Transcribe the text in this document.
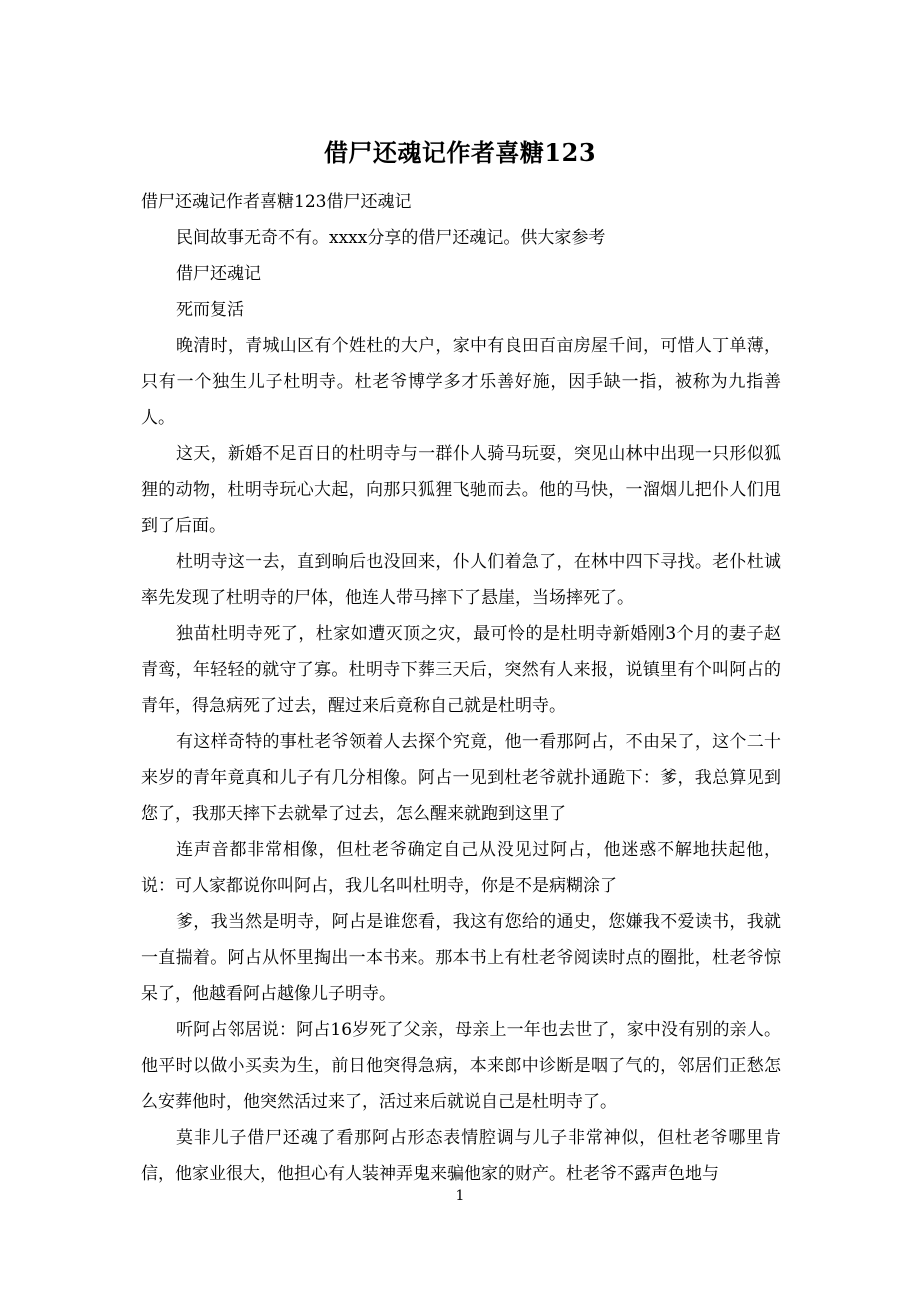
借尸还魂记作者喜糖123

借尸还魂记作者喜糖123借尸还魂记

民间故事无奇不有。xxxx分享的借尸还魂记。供大家参考

借尸还魂记

死而复活

晚清时，青城山区有个姓杜的大户，家中有良田百亩房屋千间，可惜人丁单薄，只有一个独生儿子杜明寺。杜老爷博学多才乐善好施，因手缺一指，被称为九指善人。

这天，新婚不足百日的杜明寺与一群仆人骑马玩耍，突见山林中出现一只形似狐狸的动物，杜明寺玩心大起，向那只狐狸飞驰而去。他的马快，一溜烟儿把仆人们甩到了后面。

杜明寺这一去，直到晌后也没回来，仆人们着急了，在林中四下寻找。老仆杜诚率先发现了杜明寺的尸体，他连人带马摔下了悬崖，当场摔死了。

独苗杜明寺死了，杜家如遭灭顶之灾，最可怜的是杜明寺新婚刚3个月的妻子赵青鸾，年轻轻的就守了寡。杜明寺下葬三天后，突然有人来报，说镇里有个叫阿占的青年，得急病死了过去，醒过来后竟称自己就是杜明寺。

有这样奇特的事杜老爷领着人去探个究竟，他一看那阿占，不由呆了，这个二十来岁的青年竟真和儿子有几分相像。阿占一见到杜老爷就扑通跪下：爹，我总算见到您了，我那天摔下去就晕了过去，怎么醒来就跑到这里了

连声音都非常相像，但杜老爷确定自己从没见过阿占，他迷惑不解地扶起他，说：可人家都说你叫阿占，我儿名叫杜明寺，你是不是病糊涂了

爹，我当然是明寺，阿占是谁您看，我这有您给的通史，您嫌我不爱读书，我就一直揣着。阿占从怀里掏出一本书来。那本书上有杜老爷阅读时点的圈批，杜老爷惊呆了，他越看阿占越像儿子明寺。

听阿占邻居说：阿占16岁死了父亲，母亲上一年也去世了，家中没有别的亲人。他平时以做小买卖为生，前日他突得急病，本来郎中诊断是咽了气的，邻居们正愁怎么安葬他时，他突然活过来了，活过来后就说自己是杜明寺了。

莫非儿子借尸还魂了看那阿占形态表情腔调与儿子非常神似，但杜老爷哪里肯信，他家业很大，他担心有人装神弄鬼来骗他家的财产。杜老爷不露声色地与

1
